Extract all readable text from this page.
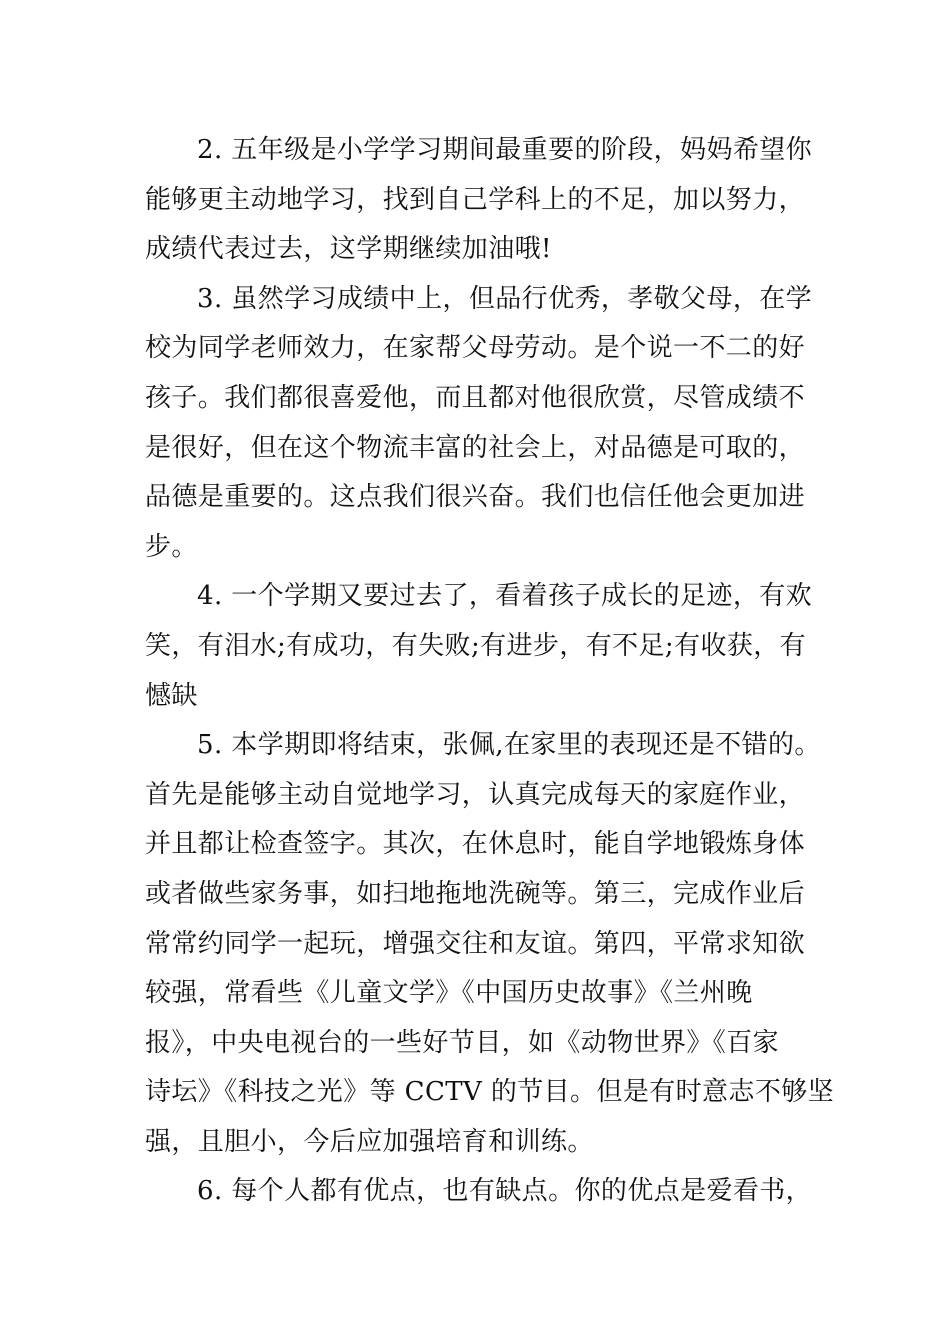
2. 五年级是小学学习期间最重要的阶段，妈妈希望你
能够更主动地学习，找到自己学科上的不足，加以努力，
成绩代表过去，这学期继续加油哦!
3. 虽然学习成绩中上，但品行优秀，孝敬父母，在学
校为同学老师效力，在家帮父母劳动。是个说一不二的好
孩子。我们都很喜爱他，而且都对他很欣赏，尽管成绩不
是很好，但在这个物流丰富的社会上，对品德是可取的，
品德是重要的。这点我们很兴奋。我们也信任他会更加进
步。
4. 一个学期又要过去了，看着孩子成长的足迹，有欢
笑，有泪水;有成功，有失败;有进步，有不足;有收获，有
憾缺
5. 本学期即将结束，张佩,在家里的表现还是不错的。
首先是能够主动自觉地学习，认真完成每天的家庭作业，
并且都让检查签字。其次，在休息时，能自学地锻炼身体
或者做些家务事，如扫地拖地洗碗等。第三，完成作业后
常常约同学一起玩，增强交往和友谊。第四，平常求知欲
较强，常看些《儿童文学》《中国历史故事》《兰州晚
报》，中央电视台的一些好节目，如《动物世界》《百家
诗坛》《科技之光》等 CCTV 的节目。但是有时意志不够坚
强，且胆小，今后应加强培育和训练。
6. 每个人都有优点，也有缺点。你的优点是爱看书，
